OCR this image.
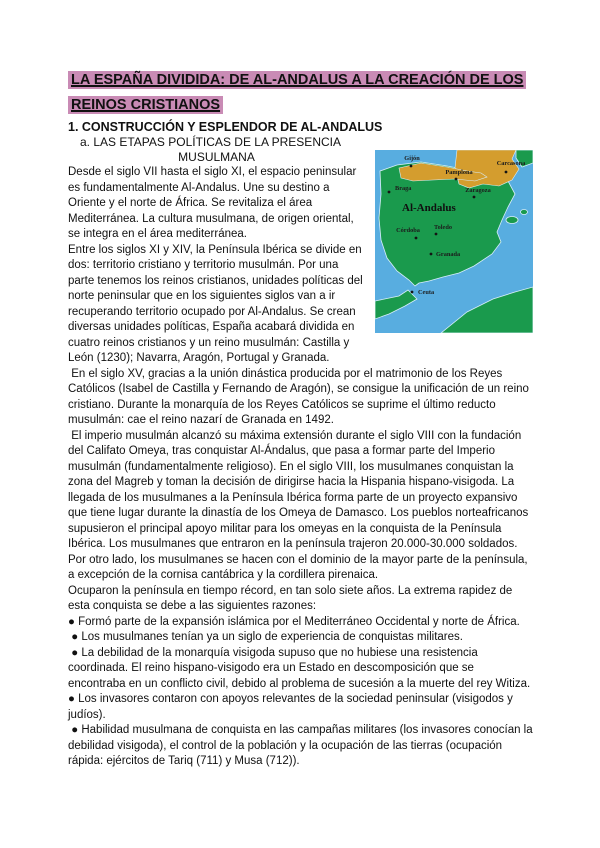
LA ESPAÑA DIVIDIDA: DE AL-ANDALUS A LA CREACIÓN DE LOS REINOS CRISTIANOS
1. CONSTRUCCIÓN Y ESPLENDOR DE AL-ANDALUS
a. LAS ETAPAS POLÍTICAS DE LA PRESENCIA
Al-Andalus
Gijón
Pamplona
Carcasona
Braga	Zaragoza
Toledo
Córdoba
Granada
Ceuta
MUSULMANA

Desde el siglo VII hasta el siglo XI, el espacio peninsular es fundamentalmente Al-Andalus. Une su destino a Oriente y el norte de África. Se revitaliza el área Mediterránea. La cultura musulmana, de origen oriental, se integra en el área mediterránea.

Entre los siglos XI y XIV, la Península Ibérica se divide en dos: territorio cristiano y territorio musulmán. Por una parte tenemos los reinos cristianos, unidades políticas del norte peninsular que en los siguientes siglos van a ir recuperando territorio ocupado por Al-Andalus. Se crean diversas unidades políticas, España acabará dividida en cuatro reinos cristianos y un reino musulmán: Castilla y León (1230); Navarra, Aragón, Portugal y Granada.

En el siglo XV, gracias a la unión dinástica producida por el matrimonio de los Reyes Católicos (Isabel de Castilla y Fernando de Aragón), se consigue la unificación de un reino cristiano. Durante la monarquía de los Reyes Católicos se suprime el último reducto musulmán: cae el reino nazarí de Granada en 1492.

El imperio musulmán alcanzó su máxima extensión durante el siglo VIII con la fundación del Califato Omeya, tras conquistar Al-Ándalus, que pasa a formar parte del Imperio musulmán (fundamentalmente religioso). En el siglo VIII, los musulmanes conquistan la zona del Magreb y toman la decisión de dirigirse hacia la Hispania hispano-visigoda. La llegada de los musulmanes a la Península Ibérica forma parte de un proyecto expansivo que tiene lugar durante la dinastía de los Omeya de Damasco. Los pueblos norteafricanos supusieron el principal apoyo militar para los omeyas en la conquista de la Península Ibérica. Los musulmanes que entraron en la península trajeron 20.000-30.000 soldados. Por otro lado, los musulmanes se hacen con el dominio de la mayor parte de la península, a excepción de la cornisa cantábrica y la cordillera pirenaica.

Ocuparon la península en tiempo récord, en tan solo siete años. La extrema rapidez de esta conquista se debe a las siguientes razones:

● Formó parte de la expansión islámica por el Mediterráneo Occidental y norte de África.

● Los musulmanes tenían ya un siglo de experiencia de conquistas militares.

● La debilidad de la monarquía visigoda supuso que no hubiese una resistencia coordinada. El reino hispano-visigodo era un Estado en descomposición que se encontraba en un conflicto civil, debido al problema de sucesión a la muerte del rey Witiza.

● Los invasores contaron con apoyos relevantes de la sociedad peninsular (visigodos y judíos).

● Habilidad musulmana de conquista en las campañas militares (los invasores conocían la debilidad visigoda), el control de la población y la ocupación de las tierras (ocupación rápida: ejércitos de Tariq (711) y Musa (712)).
